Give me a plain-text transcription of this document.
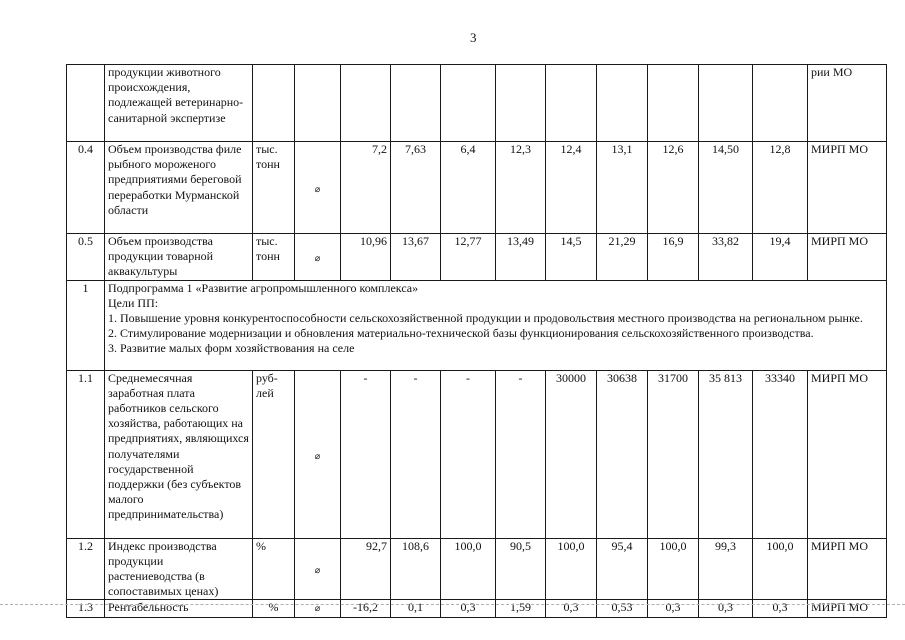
3
	продукции животного происхождения, подлежащей ветеринарно-санитарной экспертизе												рии МО
0.4	Объем производства филе рыбного мороженого предприятиями береговой переработки Мурманской области	тыс. тонн	⌀	7,2	7,63	6,4	12,3	12,4	13,1	12,6	14,50	12,8	МИРП МО
0.5	Объем производства продукции товарной аквакультуры	тыс. тонн	⌀	10,96	13,67	12,77	13,49	14,5	21,29	16,9	33,82	19,4	МИРП МО
1	Подпрограмма 1 «Развитие агропромышленного комплекса»
Цели ПП:
1. Повышение уровня конкурентоспособности сельскохозяйственной продукции и продовольствия местного производства на региональном рынке.
2. Стимулирование модернизации и обновления материально-технической базы функционирования сельскохозяйственного производства.
3. Развитие малых форм хозяйствования на селе												

1.1	Среднемесячная заработная плата работников сельского хозяйства, работающих на предприятиях, являющихся получателями государственной поддержки (без субъектов малого предпринимательства)	руб-лей	⌀	-	-	-	-	30000	30638	31700	35 813	33340	МИРП МО
1.2	Индекс производства продукции растениеводства (в сопоставимых ценах)	%	⌀	92,7	108,6	100,0	90,5	100,0	95,4	100,0	99,3	100,0	МИРП МО
1.3	Рентабельность	%	⌀	-16,2	0,1	0,3	1,59	0,3	0,53	0,3	0,3	0,3	МИРП МО
